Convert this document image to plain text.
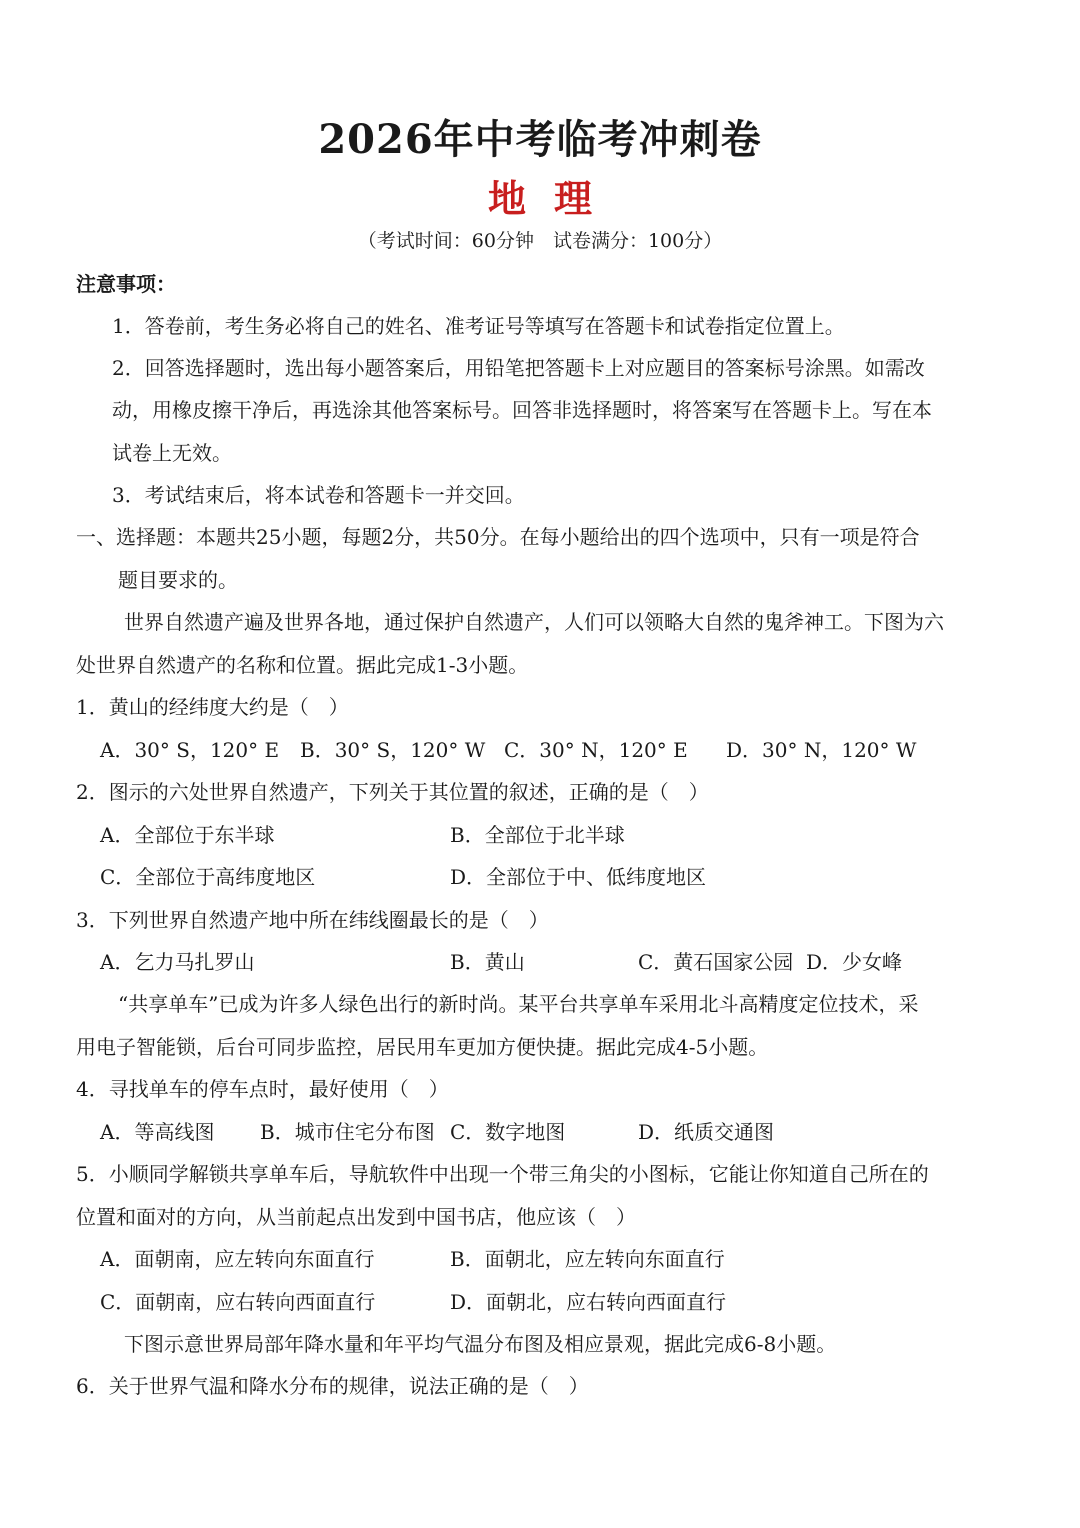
2026年中考临考冲刺卷
地理
（考试时间：60分钟　试卷满分：100分）
注意事项：
1．答卷前，考生务必将自己的姓名、准考证号等填写在答题卡和试卷指定位置上。
2．回答选择题时，选出每小题答案后，用铅笔把答题卡上对应题目的答案标号涂黑。如需改
动，用橡皮擦干净后，再选涂其他答案标号。回答非选择题时，将答案写在答题卡上。写在本
试卷上无效。
3．考试结束后，将本试卷和答题卡一并交回。
一、选择题：本题共25小题，每题2分，共50分。在每小题给出的四个选项中，只有一项是符合
题目要求的。
世界自然遗产遍及世界各地，通过保护自然遗产，人们可以领略大自然的鬼斧神工。下图为六
处世界自然遗产的名称和位置。据此完成1-3小题。
1．黄山的经纬度大约是（　）
A．30° S，120° E B．30° S，120° W C．30° N，120° E D．30° N，120° W
2．图示的六处世界自然遗产，下列关于其位置的叙述，正确的是（　）
A．全部位于东半球	B．全部位于北半球
C．全部位于高纬度地区	D．全部位于中、低纬度地区
3．下列世界自然遗产地中所在纬线圈最长的是（　）
A．乞力马扎罗山	B．黄山	C．黄石国家公园 D．少女峰
“共享单车”已成为许多人绿色出行的新时尚。某平台共享单车采用北斗高精度定位技术，采
用电子智能锁，后台可同步监控，居民用车更加方便快捷。据此完成4-5小题。
4．寻找单车的停车点时，最好使用（　）
A．等高线图 B．城市住宅分布图 C．数字地图	D．纸质交通图
5．小顺同学解锁共享单车后，导航软件中出现一个带三角尖的小图标，它能让你知道自己所在的
位置和面对的方向，从当前起点出发到中国书店，他应该（　）
A．面朝南，应左转向东面直行	B．面朝北，应左转向东面直行
C．面朝南，应右转向西面直行	D．面朝北，应右转向西面直行
下图示意世界局部年降水量和年平均气温分布图及相应景观，据此完成6-8小题。
6．关于世界气温和降水分布的规律，说法正确的是（　）
